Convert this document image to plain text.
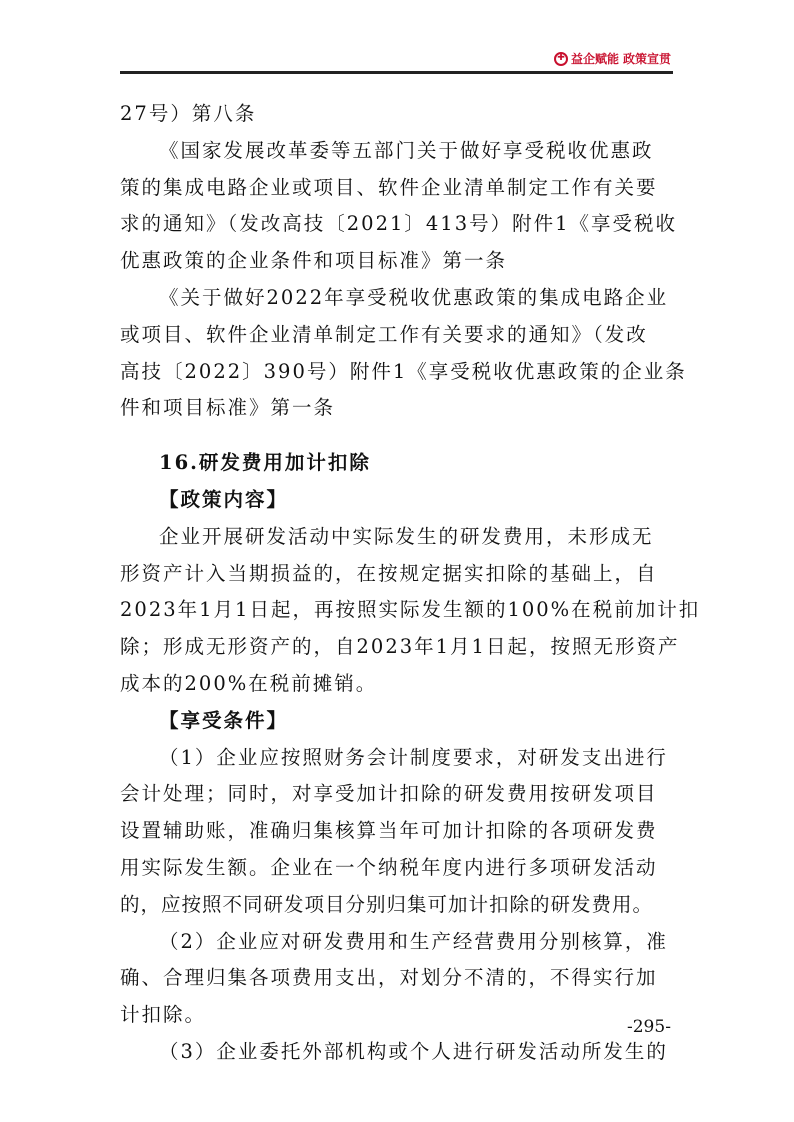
✚ 益企赋能 政策宣贯
27号）第八条
《国家发展改革委等五部门关于做好享受税收优惠政
策的集成电路企业或项目、软件企业清单制定工作有关要
求的通知》（发改高技〔2021〕413号）附件1《享受税收
优惠政策的企业条件和项目标准》第一条
《关于做好2022年享受税收优惠政策的集成电路企业
或项目、软件企业清单制定工作有关要求的通知》（发改
高技〔2022〕390号）附件1《享受税收优惠政策的企业条
件和项目标准》第一条
16.研发费用加计扣除
【政策内容】
企业开展研发活动中实际发生的研发费用，未形成无
形资产计入当期损益的，在按规定据实扣除的基础上，自
2023年1月1日起，再按照实际发生额的100%在税前加计扣
除；形成无形资产的，自2023年1月1日起，按照无形资产
成本的200%在税前摊销。
【享受条件】
（1）企业应按照财务会计制度要求，对研发支出进行
会计处理；同时，对享受加计扣除的研发费用按研发项目
设置辅助账，准确归集核算当年可加计扣除的各项研发费
用实际发生额。企业在一个纳税年度内进行多项研发活动
的，应按照不同研发项目分别归集可加计扣除的研发费用。
（2）企业应对研发费用和生产经营费用分别核算，准
确、合理归集各项费用支出，对划分不清的，不得实行加
计扣除。
（3）企业委托外部机构或个人进行研发活动所发生的
-295-
